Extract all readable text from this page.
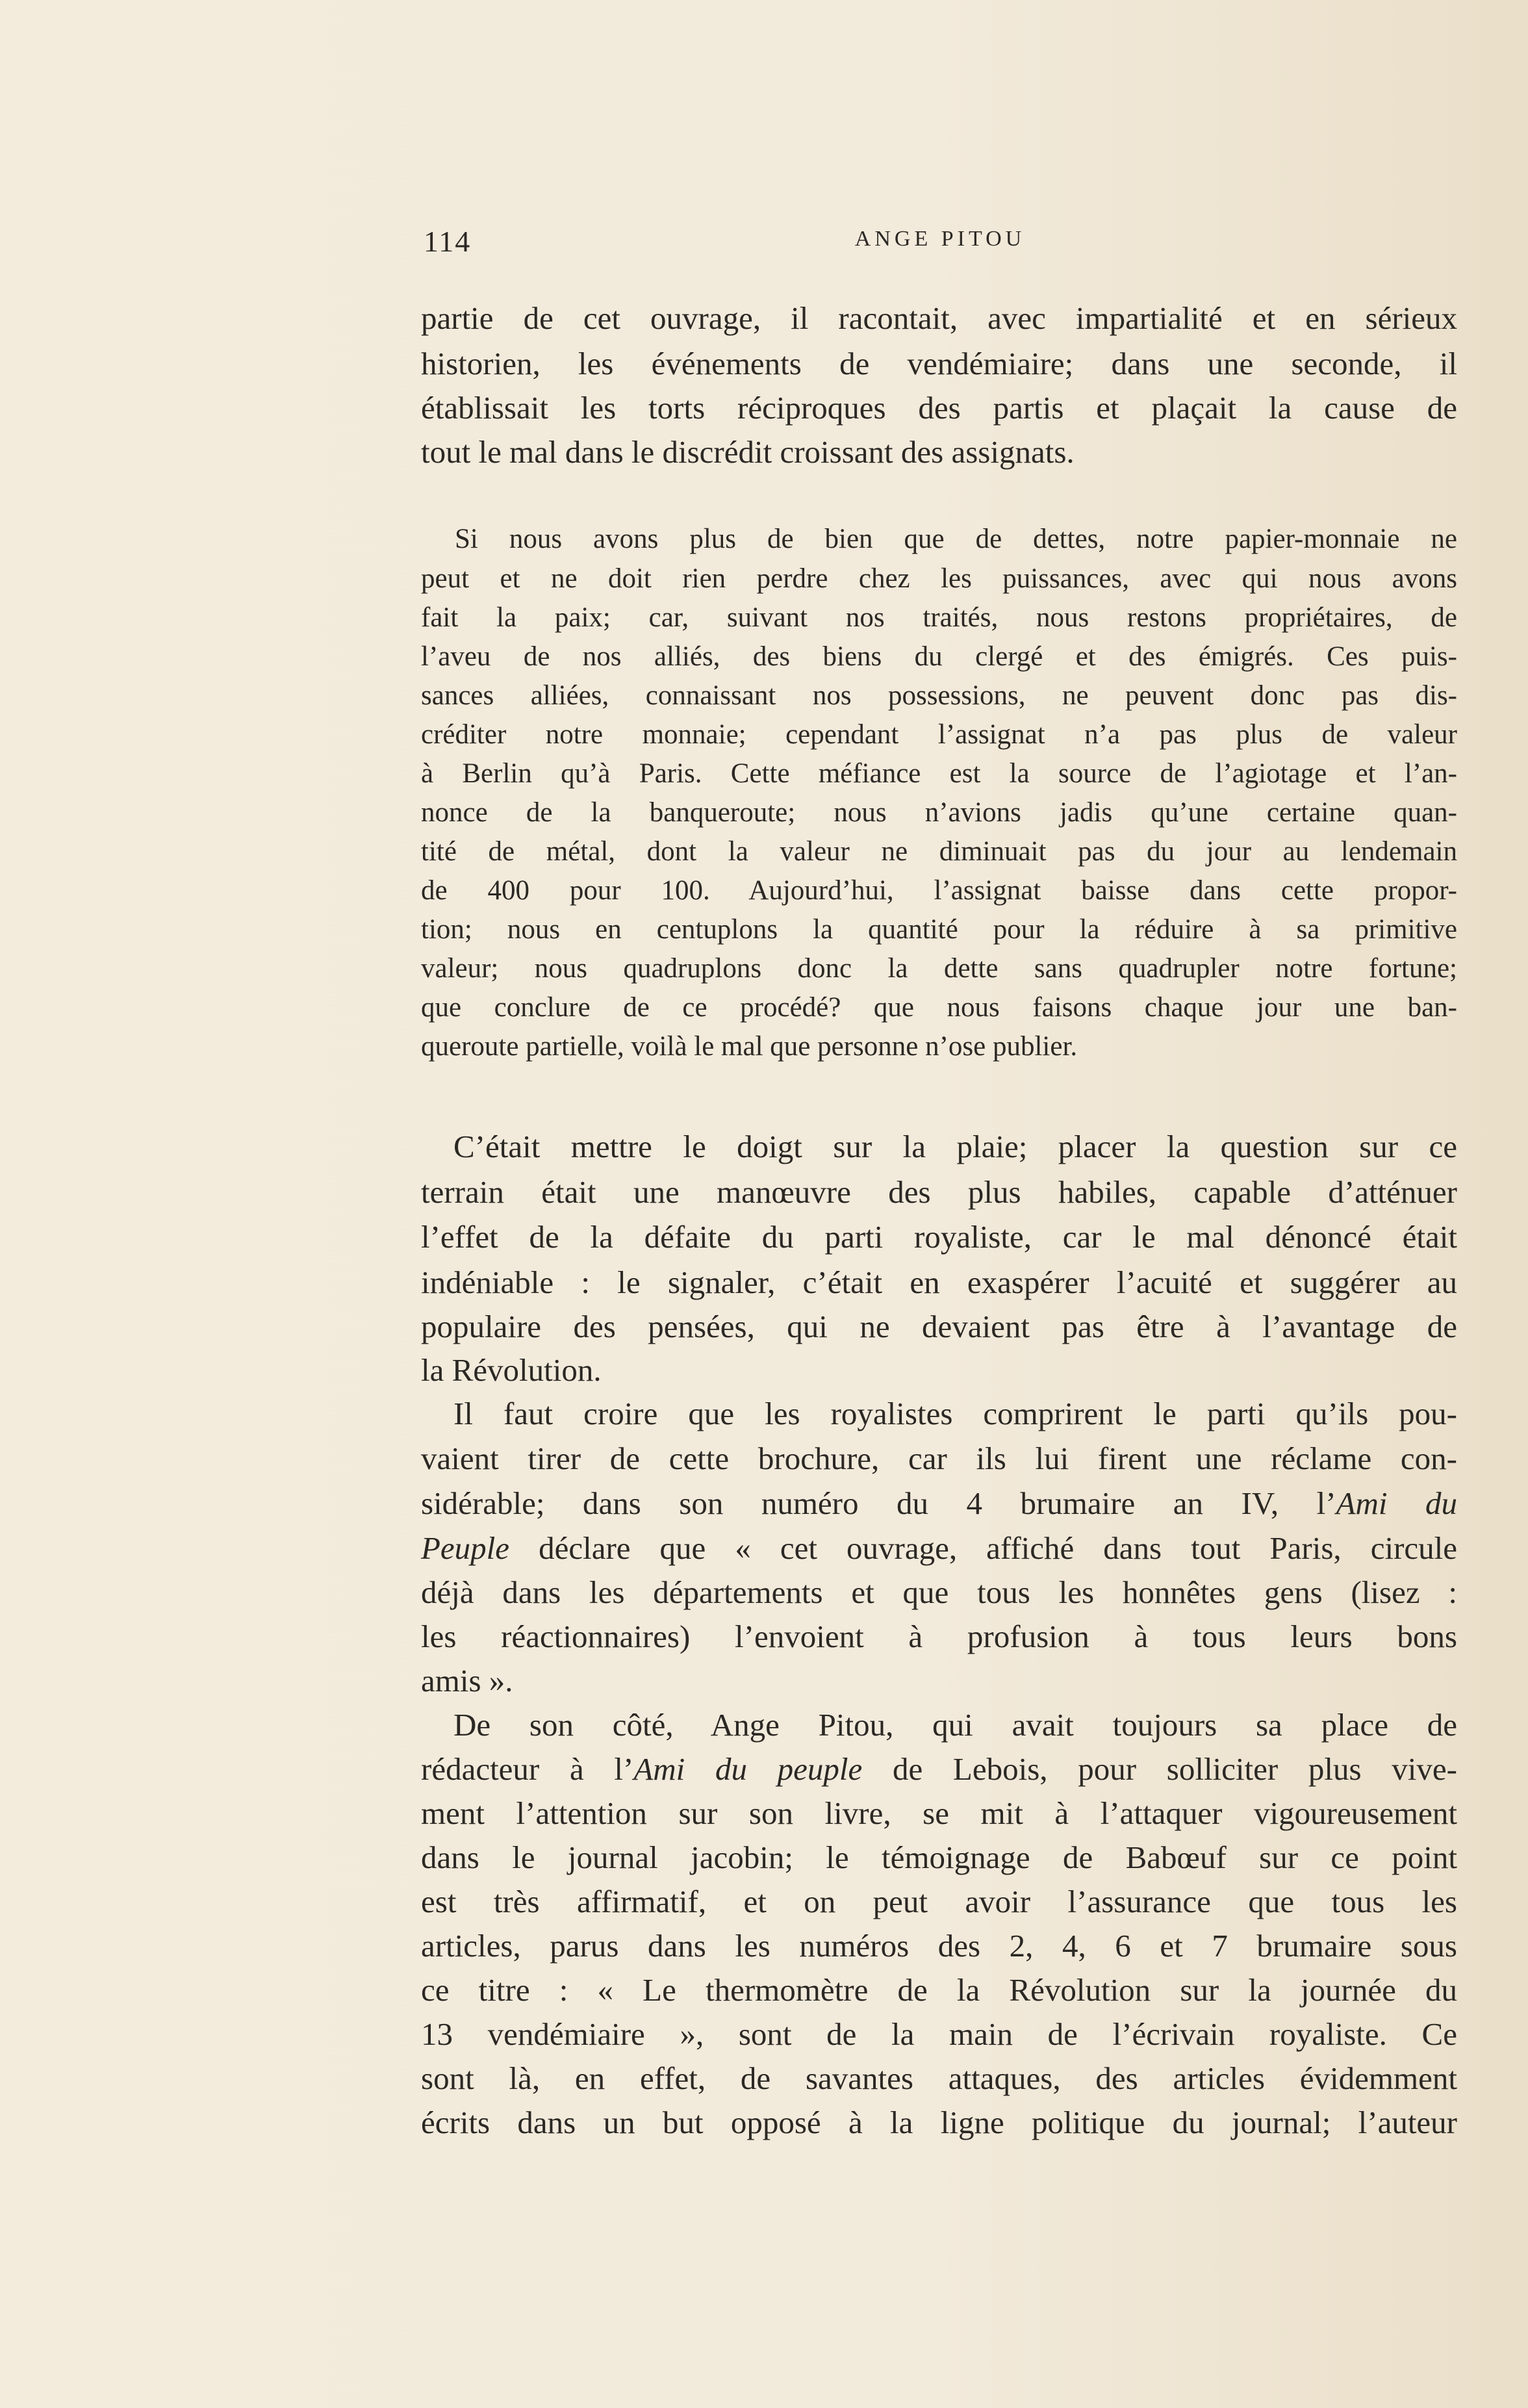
114	ANGE PITOU
partie de cet ouvrage, il racontait, avec impartialité et en sérieux
historien, les événements de vendémiaire; dans une seconde, il
établissait les torts réciproques des partis et plaçait la cause de
tout le mal dans le discrédit croissant des assignats.
Si nous avons plus de bien que de dettes, notre papier-monnaie ne
peut et ne doit rien perdre chez les puissances, avec qui nous avons
fait la paix; car, suivant nos traités, nous restons propriétaires, de
l’aveu de nos alliés, des biens du clergé et des émigrés. Ces puis-
sances alliées, connaissant nos possessions, ne peuvent donc pas dis-
créditer notre monnaie; cependant l’assignat n’a pas plus de valeur
à Berlin qu’à Paris. Cette méfiance est la source de l’agiotage et l’an-
nonce de la banqueroute; nous n’avions jadis qu’une certaine quan-
tité de métal, dont la valeur ne diminuait pas du jour au lendemain
de 400 pour 100. Aujourd’hui, l’assignat baisse dans cette propor-
tion; nous en centuplons la quantité pour la réduire à sa primitive
valeur; nous quadruplons donc la dette sans quadrupler notre fortune;
que conclure de ce procédé? que nous faisons chaque jour une ban-
queroute partielle, voilà le mal que personne n’ose publier.
C’était mettre le doigt sur la plaie; placer la question sur ce
terrain était une manœuvre des plus habiles, capable d’atténuer
l’effet de la défaite du parti royaliste, car le mal dénoncé était
indéniable : le signaler, c’était en exaspérer l’acuité et suggérer au
populaire des pensées, qui ne devaient pas être à l’avantage de
la Révolution.
Il faut croire que les royalistes comprirent le parti qu’ils pou-
vaient tirer de cette brochure, car ils lui firent une réclame con-
sidérable; dans son numéro du 4 brumaire an IV, l’Ami du
Peuple déclare que « cet ouvrage, affiché dans tout Paris, circule
déjà dans les départements et que tous les honnêtes gens (lisez :
les réactionnaires) l’envoient à profusion à tous leurs bons
amis ».
De son côté, Ange Pitou, qui avait toujours sa place de
rédacteur à l’Ami du peuple de Lebois, pour solliciter plus vive-
ment l’attention sur son livre, se mit à l’attaquer vigoureusement
dans le journal jacobin; le témoignage de Babœuf sur ce point
est très affirmatif, et on peut avoir l’assurance que tous les
articles, parus dans les numéros des 2, 4, 6 et 7 brumaire sous
ce titre : « Le thermomètre de la Révolution sur la journée du
13 vendémiaire », sont de la main de l’écrivain royaliste. Ce
sont là, en effet, de savantes attaques, des articles évidemment
écrits dans un but opposé à la ligne politique du journal; l’auteur
